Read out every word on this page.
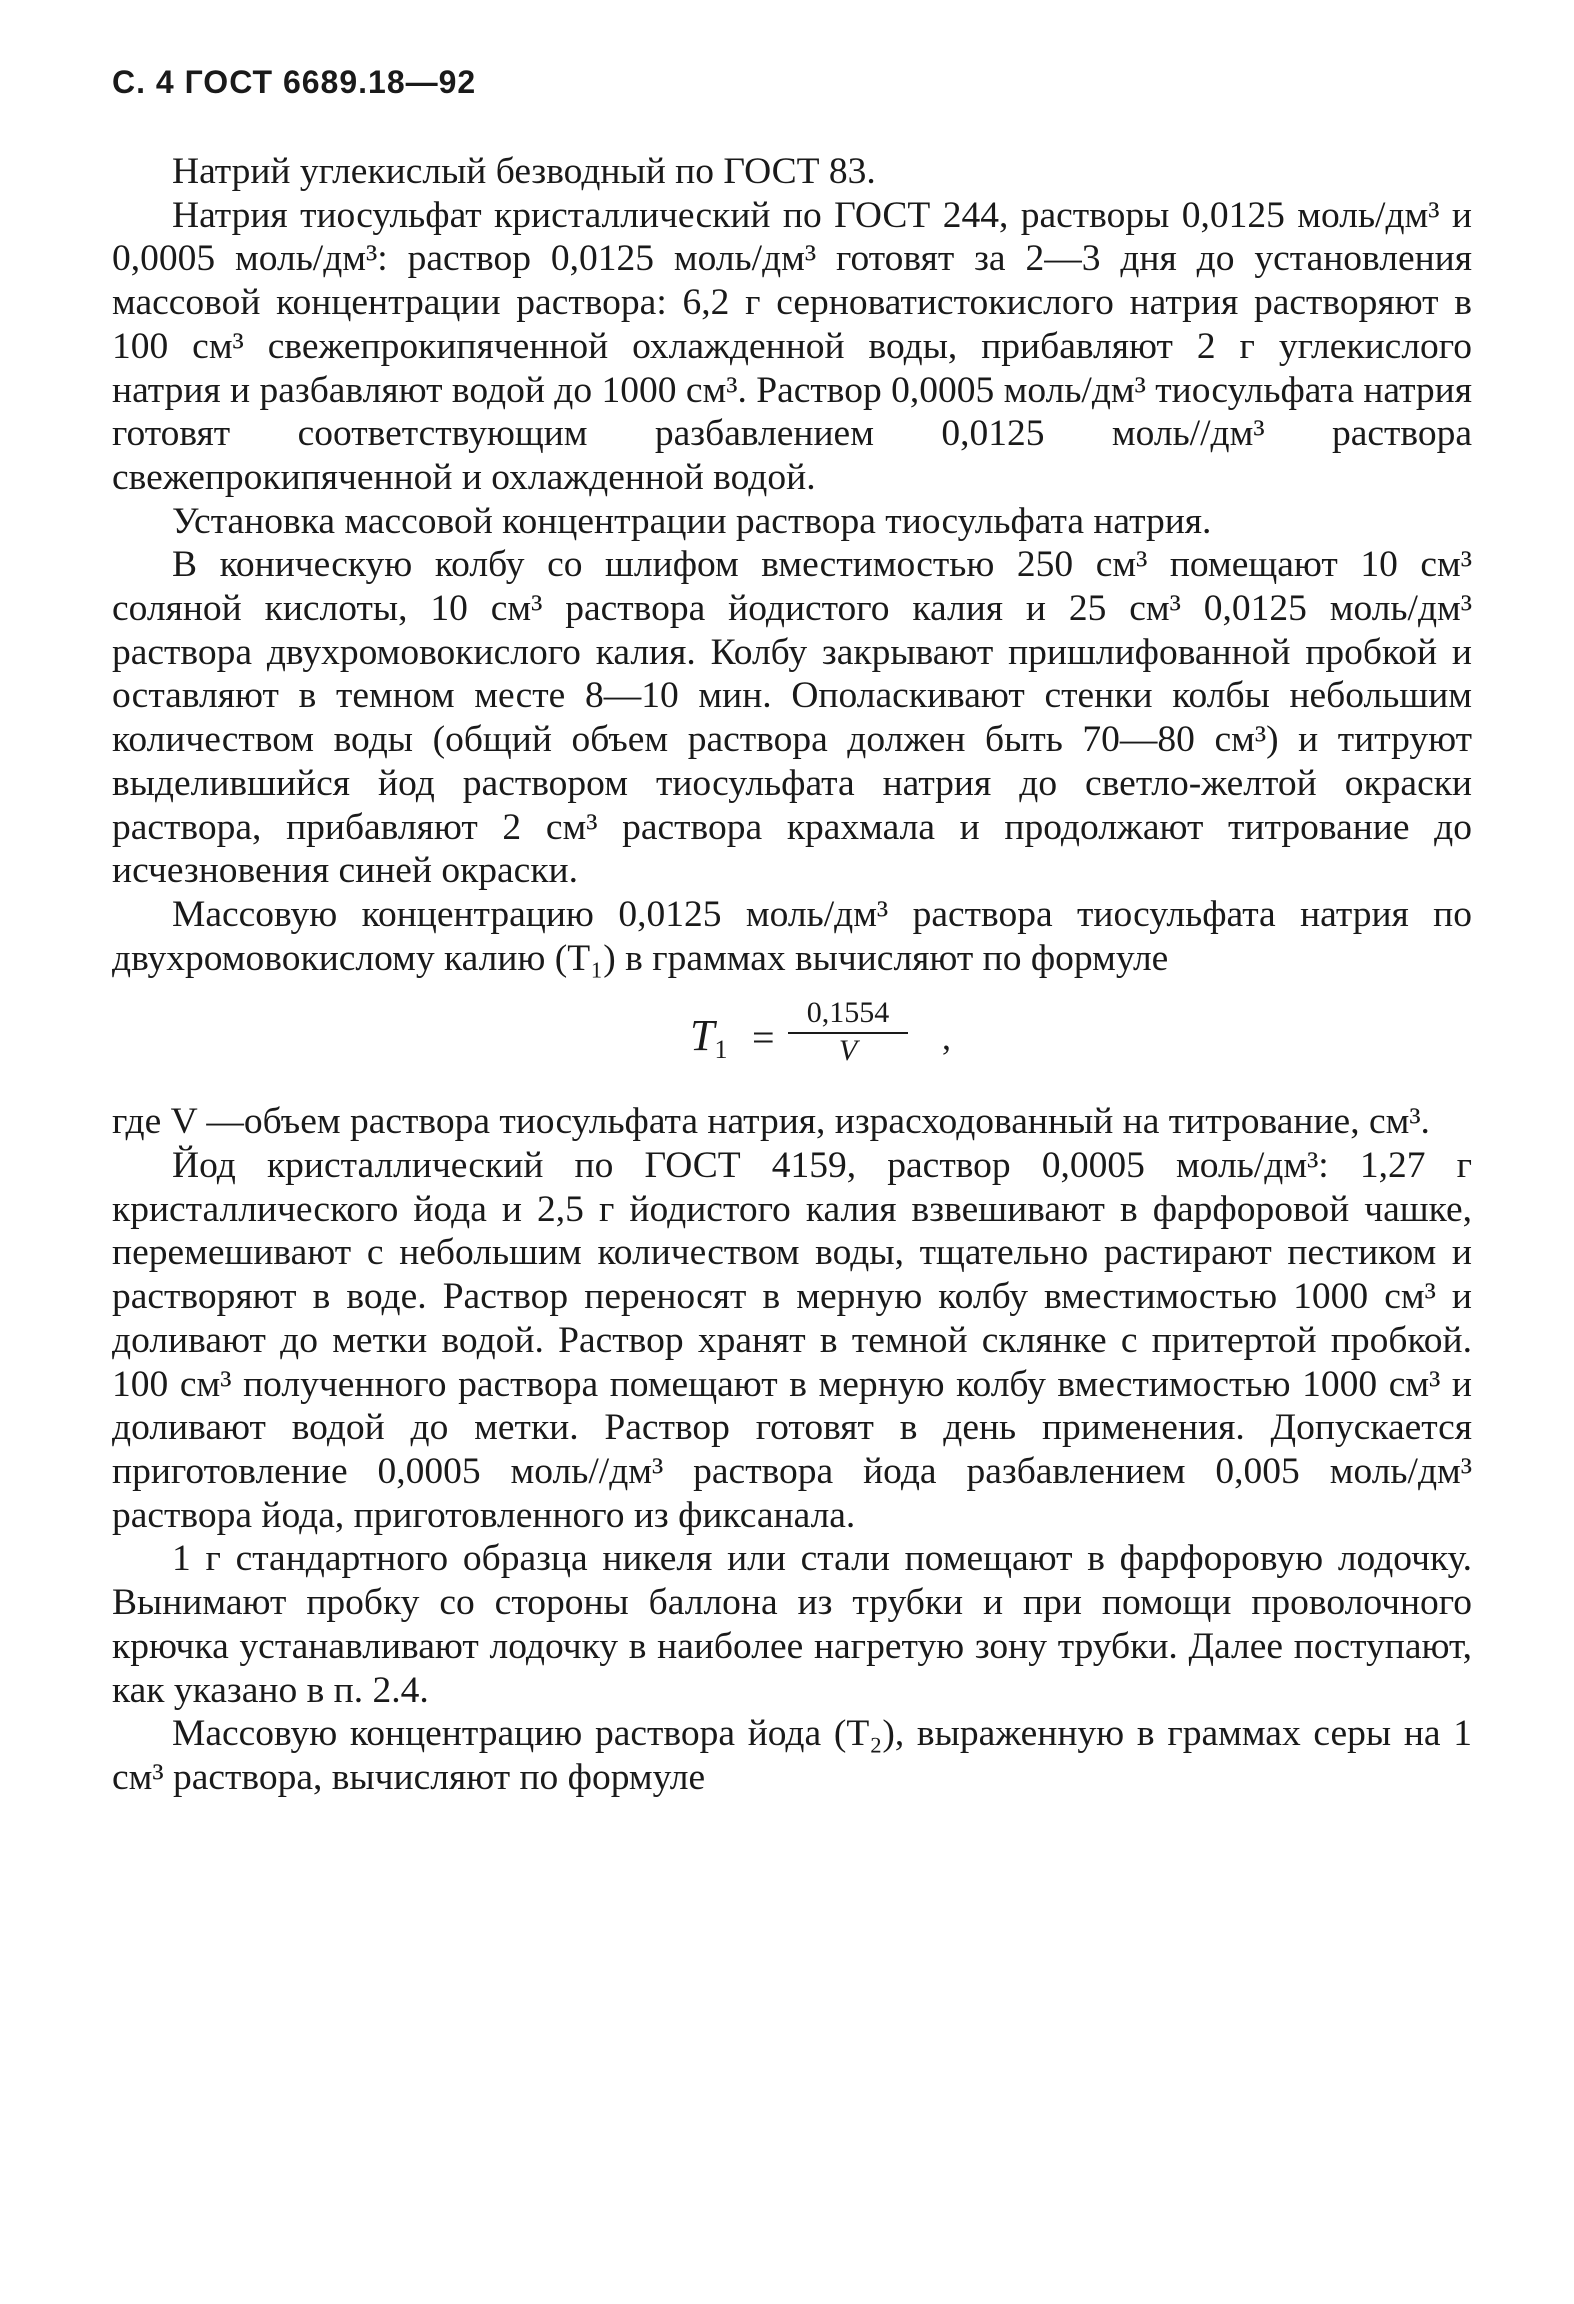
С. 4 ГОСТ 6689.18—92

Натрий углекислый безводный по ГОСТ 83.

Натрия тиосульфат кристаллический по ГОСТ 244, растворы 0,0125 моль/дм³ и 0,0005 моль/дм³: раствор 0,0125 моль/дм³ готовят за 2—3 дня до установления массовой концентрации раствора: 6,2 г серноватистокислого натрия растворяют в 100 см³ свежепрокипяченной охлажденной воды, прибавляют 2 г углекислого натрия и разбавляют водой до 1000 см³. Раствор 0,0005 моль/дм³ тиосульфата натрия готовят соответствующим разбавлением 0,0125 моль//дм³ раствора свежепрокипяченной и охлажденной водой.

Установка массовой концентрации раствора тиосульфата натрия.

В коническую колбу со шлифом вместимостью 250 см³ помещают 10 см³ соляной кислоты, 10 см³ раствора йодистого калия и 25 см³ 0,0125 моль/дм³ раствора двухромовокислого калия. Колбу закрывают пришлифованной пробкой и оставляют в темном месте 8—10 мин. Ополаскивают стенки колбы небольшим количеством воды (общий объем раствора должен быть 70—80 см³) и титруют выделившийся йод раствором тиосульфата натрия до светло-желтой окраски раствора, прибавляют 2 см³ раствора крахмала и продолжают титрование до исчезновения синей окраски.

Массовую концентрацию 0,0125 моль/дм³ раствора тиосульфата натрия по двухромовокислому калию (T₁) в граммах вычисляют по формуле

$T1 = \frac{0,1554}{V}$ ,

где V —объем раствора тиосульфата натрия, израсходованный на титрование, см³.

Йод кристаллический по ГОСТ 4159, раствор 0,0005 моль/дм³: 1,27 г кристаллического йода и 2,5 г йодистого калия взвешивают в фарфоровой чашке, перемешивают с небольшим количеством воды, тщательно растирают пестиком и растворяют в воде. Раствор переносят в мерную колбу вместимостью 1000 см³ и доливают до метки водой. Раствор хранят в темной склянке с притертой пробкой. 100 см³ полученного раствора помещают в мерную колбу вместимостью 1000 см³ и доливают водой до метки. Раствор готовят в день применения. Допускается приготовление 0,0005 моль//дм³ раствора йода разбавлением 0,005 моль/дм³ раствора йода, приготовленного из фиксанала.

1 г стандартного образца никеля или стали помещают в фарфоровую лодочку. Вынимают пробку со стороны баллона из трубки и при помощи проволочного крючка устанавливают лодочку в наиболее нагретую зону трубки. Далее поступают, как указано в п. 2.4.

Массовую концентрацию раствора йода (T₂), выраженную в граммах серы на 1 см³ раствора, вычисляют по формуле
